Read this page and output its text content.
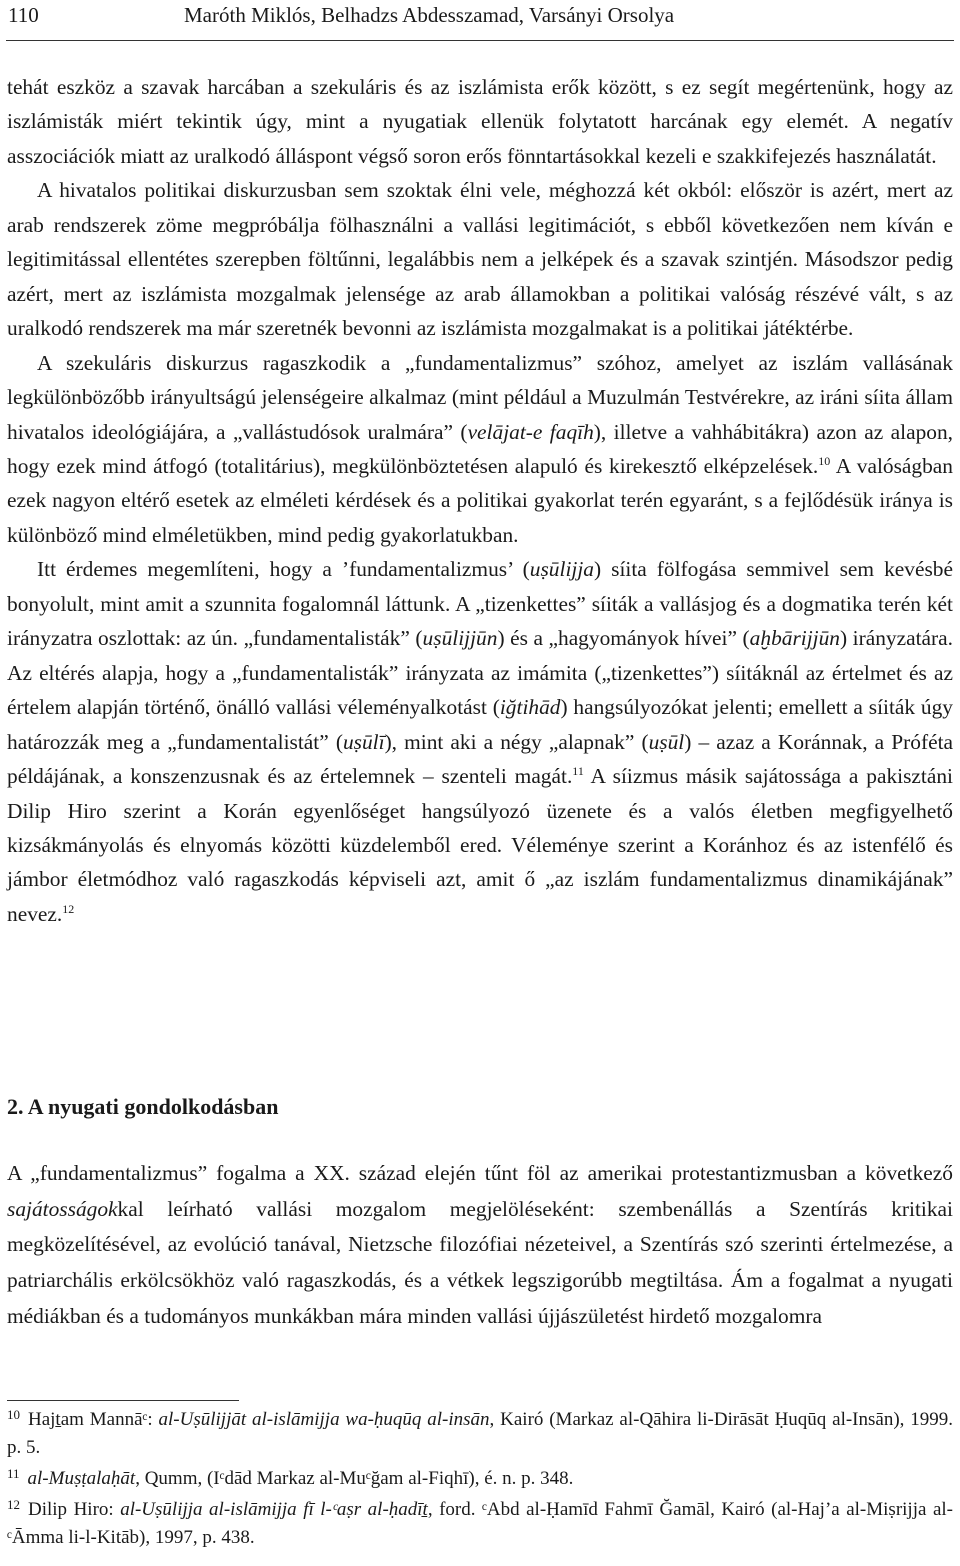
110	Maróth Miklós, Belhadzs Abdesszamad, Varsányi Orsolya

tehát eszköz a szavak harcában a szekuláris és az iszlámista erők között, s ez segít megértenünk, hogy az iszlámisták miért tekintik úgy, mint a nyugatiak ellenük folytatott harcának egy elemét. A negatív asszociációk miatt az uralkodó álláspont végső soron erős fönntartásokkal kezeli e szakkifejezés használatát.

A hivatalos politikai diskurzusban sem szoktak élni vele, méghozzá két okból: először is azért, mert az arab rendszerek zöme megpróbálja fölhasználni a vallási legitimációt, s ebből következően nem kíván e legitimitással ellentétes szerepben föltűnni, legalábbis nem a jelképek és a szavak szintjén. Másodszor pedig azért, mert az iszlámista mozgalmak jelensége az arab államokban a politikai valóság részévé vált, s az uralkodó rendszerek ma már szeretnék bevonni az iszlámista mozgalmakat is a politikai játéktérbe.

A szekuláris diskurzus ragaszkodik a „fundamentalizmus” szóhoz, amelyet az iszlám vallásának legkülönbözőbb irányultságú jelenségeire alkalmaz (mint például a Muzulmán Testvérekre, az iráni síita állam hivatalos ideológiájára, a „vallástudósok uralmára” (velājat-e faqīh), illetve a vahhábitákra) azon az alapon, hogy ezek mind átfogó (totalitárius), megkülönböztetésen alapuló és kirekesztő elképzelések.$^{10}$ A valóságban ezek nagyon eltérő esetek az elméleti kérdések és a politikai gyakorlat terén egyaránt, s a fejlődésük iránya is különböző mind elméletükben, mind pedig gyakorlatukban.

Itt érdemes megemlíteni, hogy a ’fundamentalizmus’ (uṣūlijja) síita fölfogása semmivel sem kevésbé bonyolult, mint amit a szunnita fogalomnál láttunk. A „tizenkettes” síiták a vallásjog és a dogmatika terén két irányzatra oszlottak: az ún. „fundamentalisták” (uṣūlijjūn) és a „hagyományok hívei” (aḫbārijjūn) irányzatára. Az eltérés alapja, hogy a „fundamentalisták” irányzata az imámita („tizenkettes”) síitáknál az értelmet és az értelem alapján történő, önálló vallási véleményalkotást (iğtihād) hangsúlyozókat jelenti; emellett a síiták úgy határozzák meg a „fundamentalistát” (uṣūlī), mint aki a négy „alapnak” (uṣūl) – azaz a Koránnak, a Próféta példájának, a konszenzusnak és az értelemnek – szenteli magát.$^{11}$ A síizmus másik sajátossága a pakisztáni Dilip Hiro szerint a Korán egyenlőséget hangsúlyozó üzenete és a valós életben megfigyelhető kizsákmányolás és elnyomás közötti küzdelemből ered. Véleménye szerint a Koránhoz és az istenfélő és jámbor életmódhoz való ragaszkodás képviseli azt, amit ő „az iszlám fundamentalizmus dinamikájának” nevez.$^{12}$

2. A nyugati gondolkodásban

A „fundamentalizmus” fogalma a XX. század elején tűnt föl az amerikai protestantizmusban a következő sajátosságokkal leírható vallási mozgalom megjelöléseként: szembenállás a Szentírás kritikai megközelítésével, az evolúció tanával, Nietzsche filozófiai nézeteivel, a Szentírás szó szerinti értelmezése, a patriarchális erkölcsökhöz való ragaszkodás, és a vétkek legszigorúbb megtiltása. Ám a fogalmat a nyugati médiákban és a tudományos munkákban mára minden vallási újjászületést hirdető mozgalomra

$^{10}$ Hajṯam Mannāᶜ: al-Uṣūlijjāt al-islāmijja wa-ḥuqūq al-insān, Kairó (Markaz al-Qāhira li-Dirāsāt Ḥuqūq al-Insān), 1999. p. 5.

$^{11}$ al-Muṣṭalaḥāt, Qumm, (Iᶜdād Markaz al-Muᶜğam al-Fiqhī), é. n. p. 348.

$^{12}$ Dilip Hiro: al-Uṣūlijja al-islāmijja fī l-ᶜaṣr al-ḥadīṯ, ford. ᶜAbd al-Ḥamīd Fahmī Ğamāl, Kairó (al-Haj’a al-Miṣrijja al-ᶜĀmma li-l-Kitāb), 1997, p. 438.
